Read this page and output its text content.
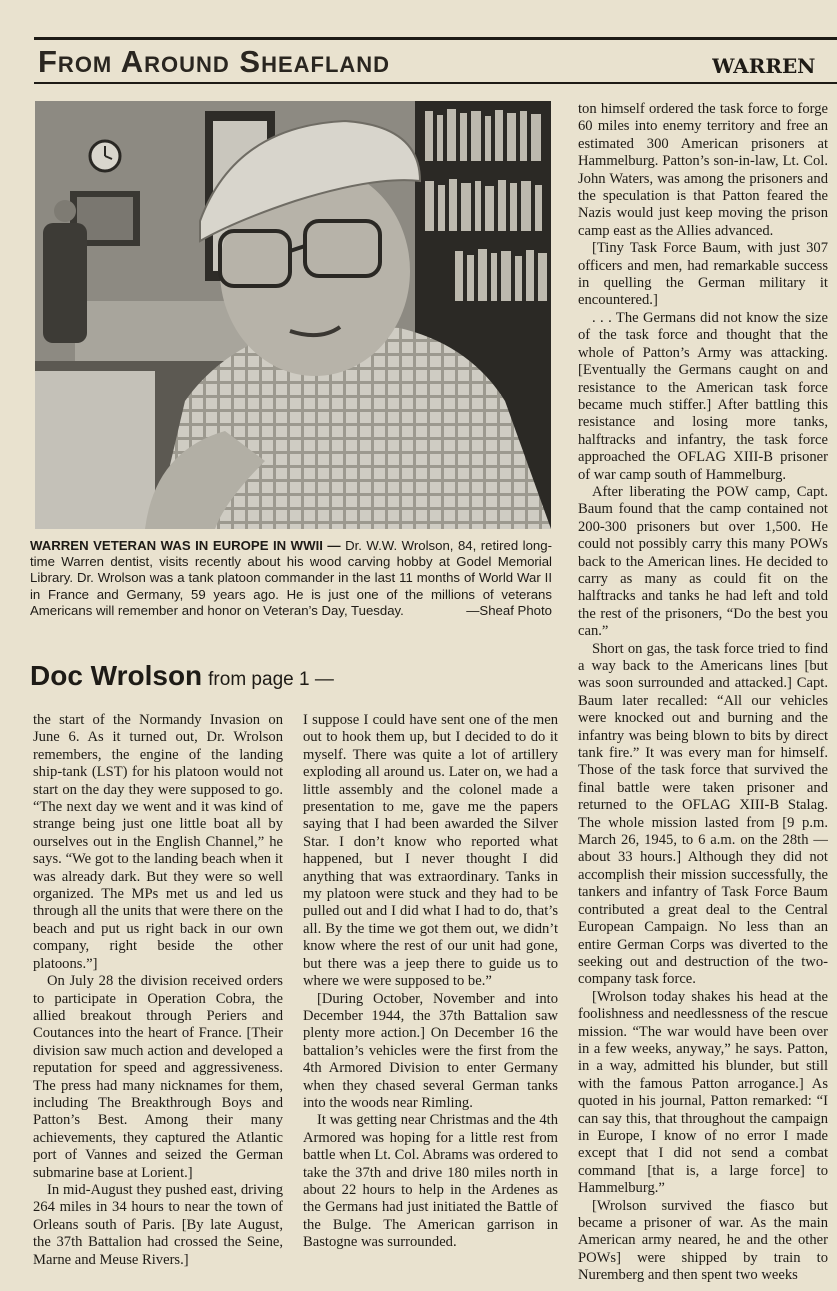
From Around Sheafland	WARREN
WARREN VETERAN WAS IN EUROPE IN WWII — Dr. W.W. Wrolson, 84, retired long-time Warren dentist, visits recently about his wood carving hobby at Godel Memorial Library. Dr. Wrolson was a tank platoon commander in the last 11 months of World War II in France and Germany, 59 years ago. He is just one of the millions of veterans Americans will remember and honor on Veteran’s Day, Tuesday.	—Sheaf Photo
Doc Wrolson from page 1 —

the start of the Normandy Invasion on June 6. As it turned out, Dr. Wrolson remembers, the engine of the landing ship-tank (LST) for his platoon would not start on the day they were supposed to go. “The next day we went and it was kind of strange being just one little boat all by ourselves out in the English Channel,” he says. “We got to the landing beach when it was already dark. But they were so well organized. The MPs met us and led us through all the units that were there on the beach and put us right back in our own company, right beside the other platoons.”]

On July 28 the division received orders to participate in Operation Cobra, the allied breakout through Periers and Coutances into the heart of France. [Their division saw much action and developed a reputation for speed and aggressiveness. The press had many nicknames for them, including The Breakthrough Boys and Patton’s Best. Among their many achievements, they captured the Atlantic port of Vannes and seized the German submarine base at Lorient.]

In mid-August they pushed east, driving 264 miles in 34 hours to near the town of Orleans south of Paris. [By late August, the 37th Battalion had crossed the Seine, Marne and Meuse Rivers.]

I suppose I could have sent one of the men out to hook them up, but I decided to do it myself. There was quite a lot of artillery exploding all around us. Later on, we had a little assembly and the colonel made a presentation to me, gave me the papers saying that I had been awarded the Silver Star. I don’t know who reported what happened, but I never thought I did anything that was extraordinary. Tanks in my platoon were stuck and they had to be pulled out and I did what I had to do, that’s all. By the time we got them out, we didn’t know where the rest of our unit had gone, but there was a jeep there to guide us to where we were supposed to be.”

[During October, November and into December 1944, the 37th Battalion saw plenty more action.] On December 16 the battalion’s vehicles were the first from the 4th Armored Division to enter Germany when they chased several German tanks into the woods near Rimling.

It was getting near Christmas and the 4th Armored was hoping for a little rest from battle when Lt. Col. Abrams was ordered to take the 37th and drive 180 miles north in about 22 hours to help in the Ardenes as the Germans had just initiated the Battle of the Bulge. The American garrison in Bastogne was surrounded.

ton himself ordered the task force to forge 60 miles into enemy territory and free an estimated 300 American prisoners at Hammelburg. Patton’s son-in-law, Lt. Col. John Waters, was among the prisoners and the speculation is that Patton feared the Nazis would just keep moving the prison camp east as the Allies advanced.

[Tiny Task Force Baum, with just 307 officers and men, had remarkable success in quelling the German military it encountered.]

. . . The Germans did not know the size of the task force and thought that the whole of Patton’s Army was attacking. [Eventually the Germans caught on and resistance to the American task force became much stiffer.] After battling this resistance and losing more tanks, halftracks and infantry, the task force approached the OFLAG XIII-B prisoner of war camp south of Hammelburg.

After liberating the POW camp, Capt. Baum found that the camp contained not 200-300 prisoners but over 1,500. He could not possibly carry this many POWs back to the American lines. He decided to carry as many as could fit on the halftracks and tanks he had left and told the rest of the prisoners, “Do the best you can.”

Short on gas, the task force tried to find a way back to the Americans lines [but was soon surrounded and attacked.] Capt. Baum later recalled: “All our vehicles were knocked out and burning and the infantry was being blown to bits by direct tank fire.” It was every man for himself. Those of the task force that survived the final battle were taken prisoner and returned to the OFLAG XIII-B Stalag. The whole mission lasted from [9 p.m. March 26, 1945, to 6 a.m. on the 28th — about 33 hours.] Although they did not accomplish their mission successfully, the tankers and infantry of Task Force Baum contributed a great deal to the Central European Campaign. No less than an entire German Corps was diverted to the seeking out and destruction of the two-company task force.

[Wrolson today shakes his head at the foolishness and needlessness of the rescue mission. “The war would have been over in a few weeks, anyway,” he says. Patton, in a way, admitted his blunder, but still with the famous Patton arrogance.] As quoted in his journal, Patton remarked: “I can say this, that throughout the campaign in Europe, I know of no error I made except that I did not send a combat command [that is, a large force] to Hammelburg.”

[Wrolson survived the fiasco but became a prisoner of war. As the main American army neared, he and the other POWs] were shipped by train to Nuremberg and then spent two weeks
